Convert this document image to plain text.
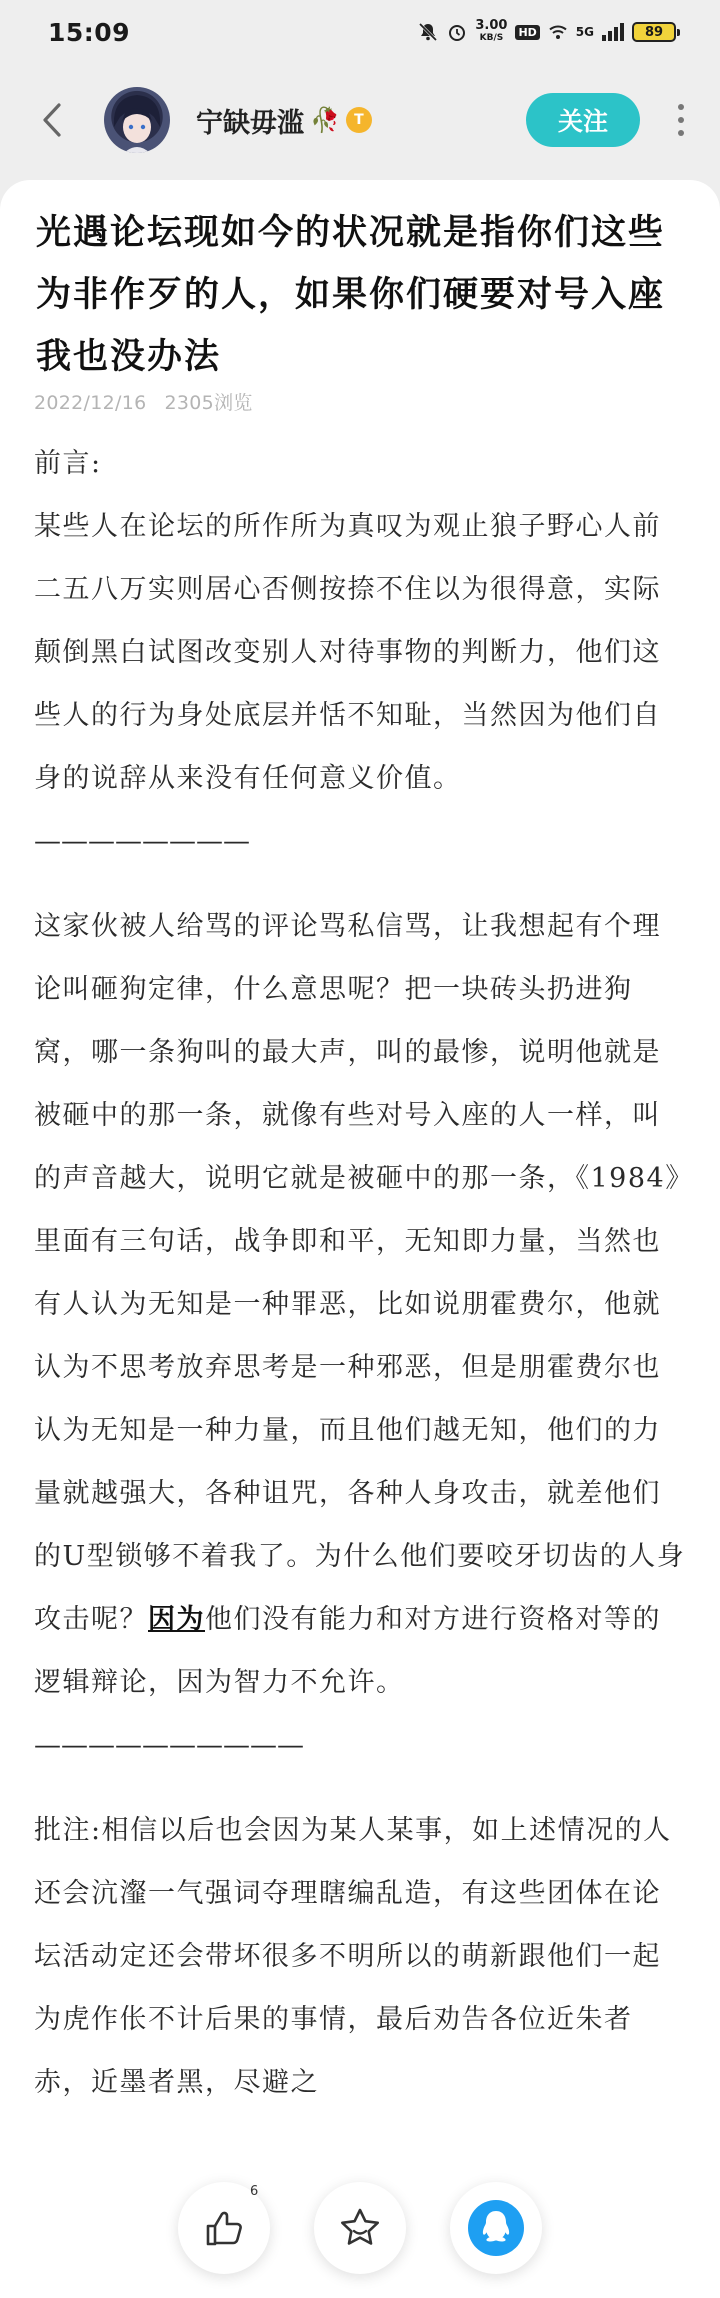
15:09	3.00
KB/S	HD	5G	89
宁缺毋滥 🥀	T	关注
光遇论坛现如今的状况就是指你们这些为非作歹的人，如果你们硬要对号入座我也没办法
2022/12/16 2305浏览

前言:

某些人在论坛的所作所为真叹为观止狼子野心人前二五八万实则居心否侧按捺不住以为很得意，实际颠倒黑白试图改变别人对待事物的判断力，他们这些人的行为身处底层并恬不知耻，当然因为他们自身的说辞从来没有任何意义价值。

————————

这家伙被人给骂的评论骂私信骂，让我想起有个理论叫砸狗定律，什么意思呢？把一块砖头扔进狗窝，哪一条狗叫的最大声，叫的最惨，说明他就是被砸中的那一条，就像有些对号入座的人一样，叫的声音越大，说明它就是被砸中的那一条，《1984》里面有三句话，战争即和平，无知即力量，当然也有人认为无知是一种罪恶，比如说朋霍费尔，他就认为不思考放弃思考是一种邪恶，但是朋霍费尔也认为无知是一种力量，而且他们越无知，他们的力量就越强大，各种诅咒，各种人身攻击，就差他们的U型锁够不着我了。为什么他们要咬牙切齿的人身攻击呢？因为他们没有能力和对方进行资格对等的逻辑辩论，因为智力不允许。

——————————

批注:相信以后也会因为某人某事，如上述情况的人还会沆瀣一气强词夺理瞎编乱造，有这些团体在论坛活动定还会带坏很多不明所以的萌新跟他们一起为虎作伥不计后果的事情，最后劝告各位近朱者赤，近墨者黑，尽避之

6
